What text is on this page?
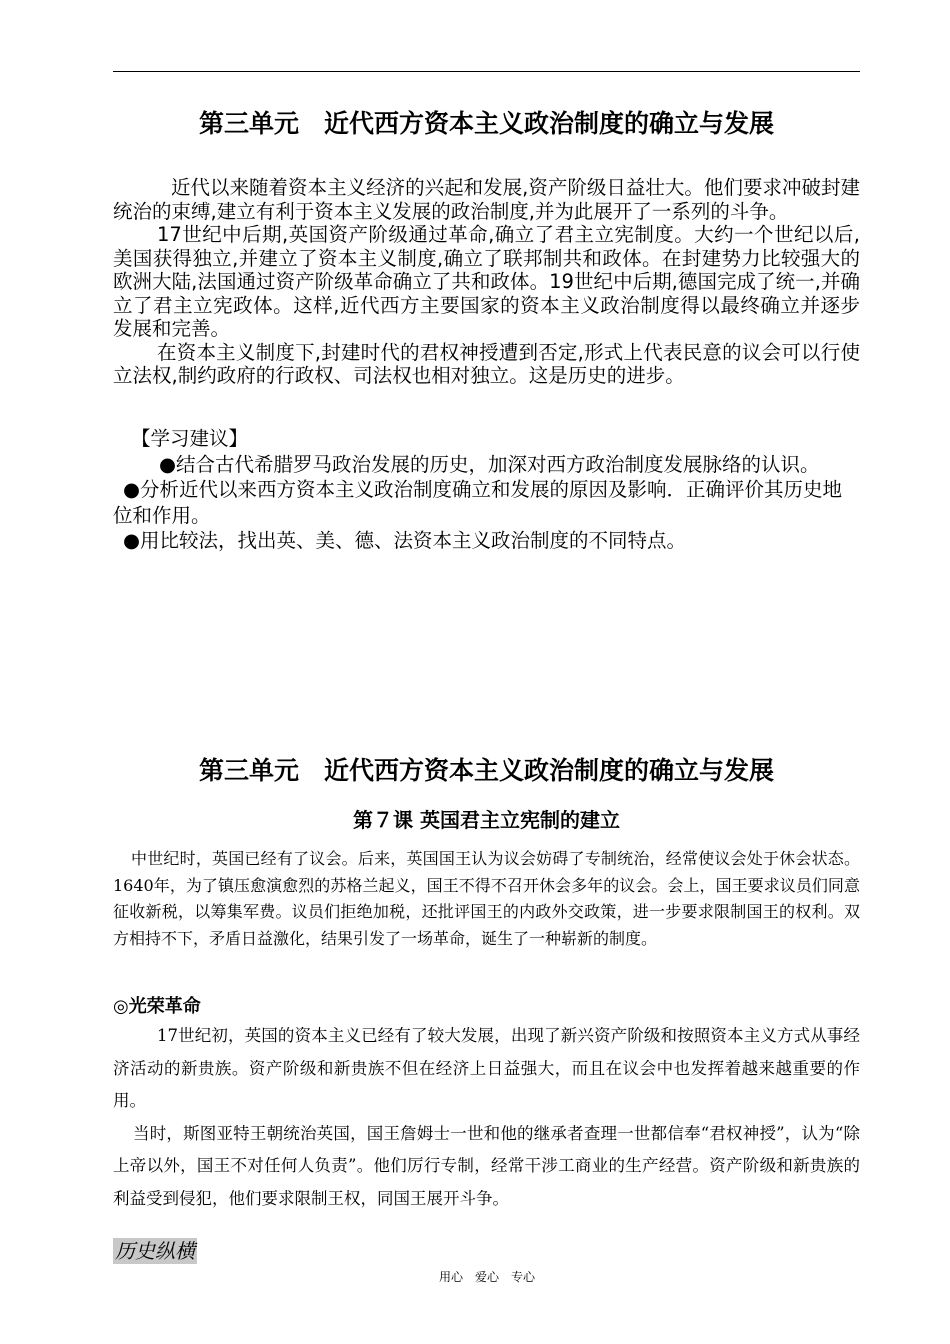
第三单元　近代西方资本主义政治制度的确立与发展

近代以来随着资本主义经济的兴起和发展,资产阶级日益壮大。他们要求冲破封建统治的束缚,建立有利于资本主义发展的政治制度,并为此展开了一系列的斗争。

17世纪中后期,英国资产阶级通过革命,确立了君主立宪制度。大约一个世纪以后,美国获得独立,并建立了资本主义制度,确立了联邦制共和政体。在封建势力比较强大的欧洲大陆,法国通过资产阶级革命确立了共和政体。19世纪中后期,德国完成了统一,并确立了君主立宪政体。这样,近代西方主要国家的资本主义政治制度得以最终确立并逐步发展和完善。

在资本主义制度下,封建时代的君权神授遭到否定,形式上代表民意的议会可以行使立法权,制约政府的行政权、司法权也相对独立。这是历史的进步。

【学习建议】

●结合古代希腊罗马政治发展的历史，加深对西方政治制度发展脉络的认识。

●分析近代以来西方资本主义政治制度确立和发展的原因及影响．正确评价其历史地位和作用。

●用比较法，找出英、美、德、法资本主义政治制度的不同特点。

第三单元　近代西方资本主义政治制度的确立与发展
第７课 英国君主立宪制的建立

中世纪时，英国已经有了议会。后来，英国国王认为议会妨碍了专制统治，经常使议会处于休会状态。1640年，为了镇压愈演愈烈的苏格兰起义，国王不得不召开休会多年的议会。会上，国王要求议员们同意征收新税，以筹集军费。议员们拒绝加税，还批评国王的内政外交政策，进一步要求限制国王的权利。双方相持不下，矛盾日益激化，结果引发了一场革命，诞生了一种崭新的制度。

◎光荣革命

17世纪初，英国的资本主义已经有了较大发展，出现了新兴资产阶级和按照资本主义方式从事经济活动的新贵族。资产阶级和新贵族不但在经济上日益强大，而且在议会中也发挥着越来越重要的作用。

当时，斯图亚特王朝统治英国，国王詹姆士一世和他的继承者查理一世都信奉“君权神授”，认为“除上帝以外，国王不对任何人负责”。他们厉行专制，经常干涉工商业的生产经营。资产阶级和新贵族的利益受到侵犯，他们要求限制王权，同国王展开斗争。

历史纵横
用心　爱心　专心
